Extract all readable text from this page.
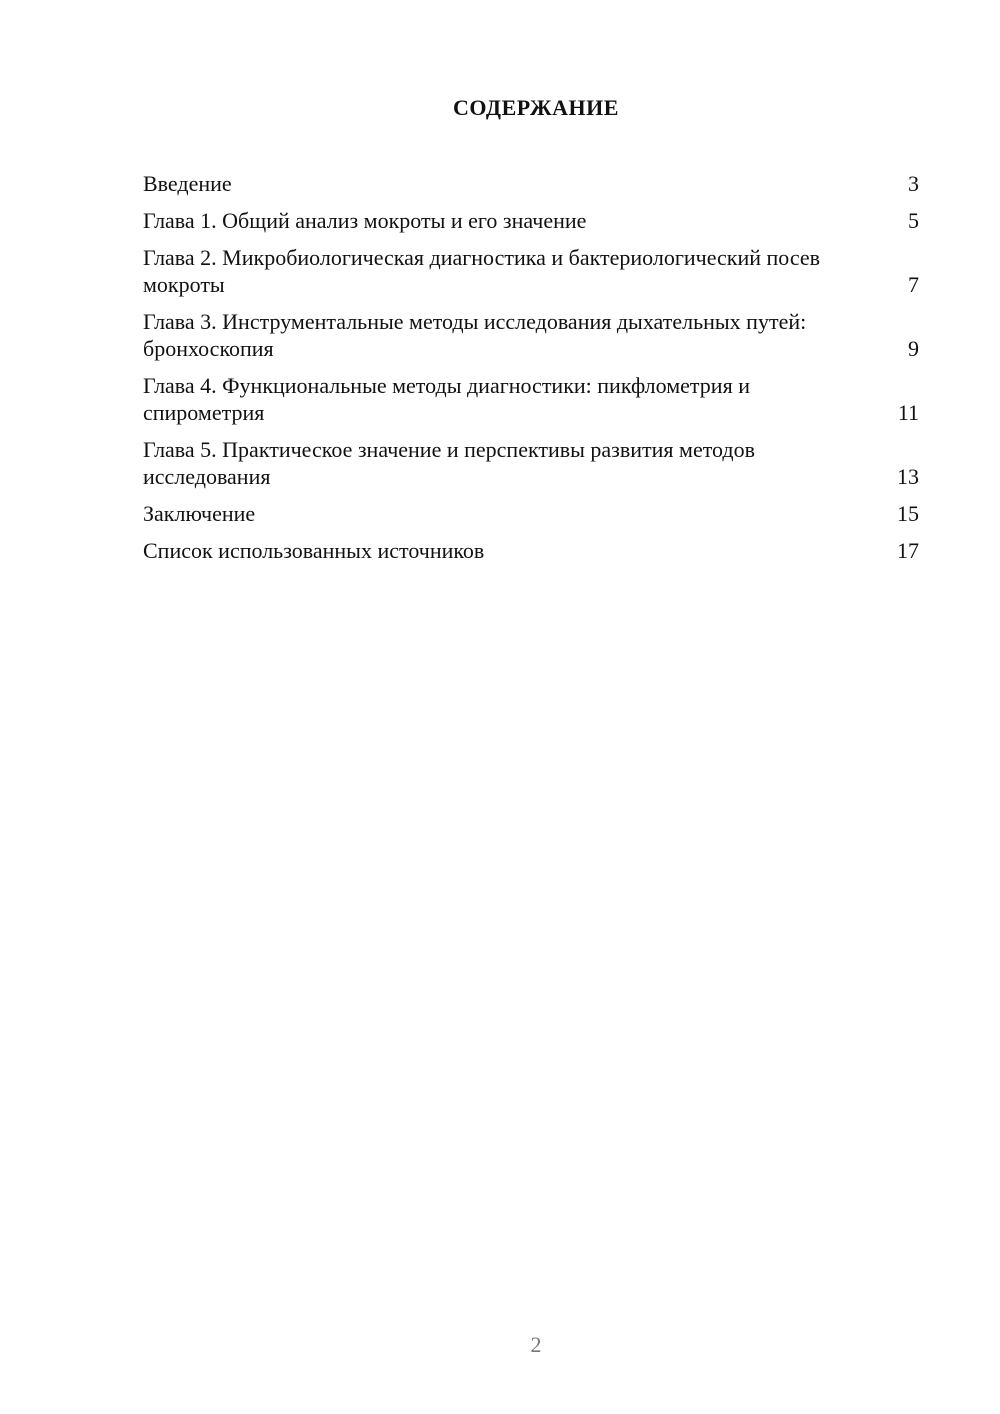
СОДЕРЖАНИЕ
Введение	3
Глава 1. Общий анализ мокроты и его значение	5
Глава 2. Микробиологическая диагностика и бактериологический посев мокроты	7
Глава 3. Инструментальные методы исследования дыхательных путей: бронхоскопия	9
Глава 4. Функциональные методы диагностики: пикфлометрия и спирометрия	11
Глава 5. Практическое значение и перспективы развития методов исследования	13
Заключение	15
Список использованных источников	17
2
